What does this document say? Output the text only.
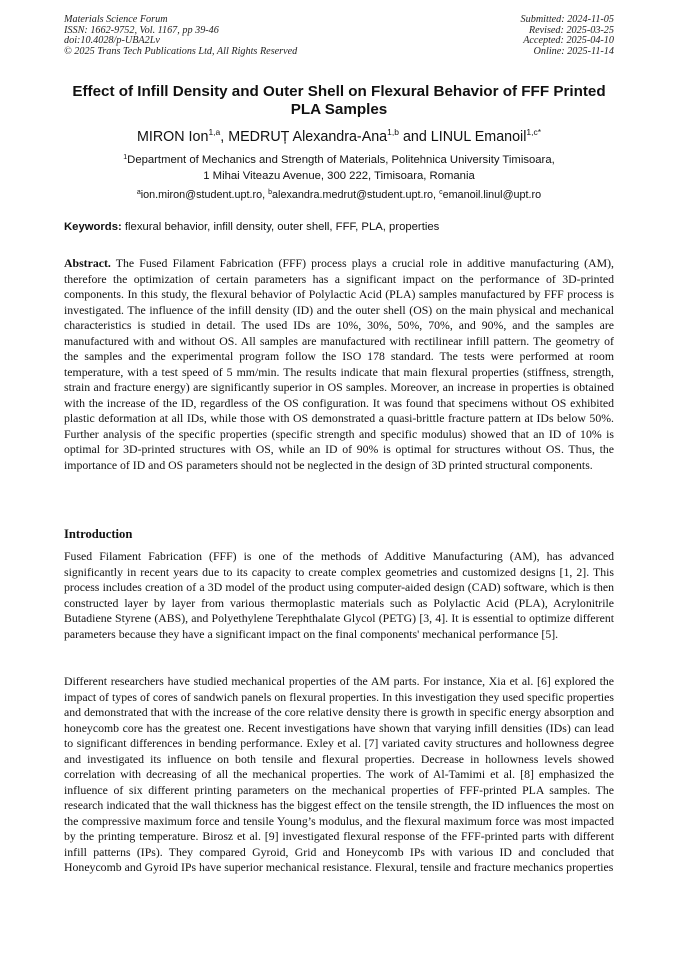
Materials Science Forum
ISSN: 1662-9752, Vol. 1167, pp 39-46
doi:10.4028/p-UBA2Lv
© 2025 Trans Tech Publications Ltd, All Rights Reserved
Submitted: 2024-11-05
Revised: 2025-03-25
Accepted: 2025-04-10
Online: 2025-11-14
Effect of Infill Density and Outer Shell on Flexural Behavior of FFF Printed PLA Samples
MIRON Ion$^{1,a}$, MEDRUȚ Alexandra-Ana$^{1,b}$ and LINUL Emanoil$^{1,c*}$
$^1$Department of Mechanics and Strength of Materials, Politehnica University Timisoara,
1 Mihai Viteazu Avenue, 300 222, Timisoara, Romania
$^a$ion.miron@student.upt.ro, $^b$alexandra.medrut@student.upt.ro, $^c$emanoil.linul@upt.ro
Keywords: flexural behavior, infill density, outer shell, FFF, PLA, properties
Abstract. The Fused Filament Fabrication (FFF) process plays a crucial role in additive manufacturing (AM), therefore the optimization of certain parameters has a significant impact on the performance of 3D-printed components. In this study, the flexural behavior of Polylactic Acid (PLA) samples manufactured by FFF process is investigated. The influence of the infill density (ID) and the outer shell (OS) on the main physical and mechanical characteristics is studied in detail. The used IDs are 10%, 30%, 50%, 70%, and 90%, and the samples are manufactured with and without OS. All samples are manufactured with rectilinear infill pattern. The geometry of the samples and the experimental program follow the ISO 178 standard. The tests were performed at room temperature, with a test speed of 5 mm/min. The results indicate that main flexural properties (stiffness, strength, strain and fracture energy) are significantly superior in OS samples. Moreover, an increase in properties is obtained with the increase of the ID, regardless of the OS configuration. It was found that specimens without OS exhibited plastic deformation at all IDs, while those with OS demonstrated a quasi-brittle fracture pattern at IDs below 50%. Further analysis of the specific properties (specific strength and specific modulus) showed that an ID of 10% is optimal for 3D-printed structures with OS, while an ID of 90% is optimal for structures without OS. Thus, the importance of ID and OS parameters should not be neglected in the design of 3D printed structural components.
Introduction

Fused Filament Fabrication (FFF) is one of the methods of Additive Manufacturing (AM), has advanced significantly in recent years due to its capacity to create complex geometries and customized designs [1, 2]. This process includes creation of a 3D model of the product using computer-aided design (CAD) software, which is then constructed layer by layer from various thermoplastic materials such as Polylactic Acid (PLA), Acrylonitrile Butadiene Styrene (ABS), and Polyethylene Terephthalate Glycol (PETG) [3, 4]. It is essential to optimize different parameters because they have a significant impact on the final components' mechanical performance [5].

Different researchers have studied mechanical properties of the AM parts. For instance, Xia et al. [6] explored the impact of types of cores of sandwich panels on flexural properties. In this investigation they used specific properties and demonstrated that with the increase of the core relative density there is growth in specific energy absorption and honeycomb core has the greatest one. Recent investigations have shown that varying infill densities (IDs) can lead to significant differences in bending performance. Exley et al. [7] variated cavity structures and hollowness degree and investigated its influence on both tensile and flexural properties. Decrease in hollowness levels showed correlation with decreasing of all the mechanical properties. The work of Al-Tamimi et al. [8] emphasized the influence of six different printing parameters on the mechanical properties of FFF-printed PLA samples. The research indicated that the wall thickness has the biggest effect on the tensile strength, the ID influences the most on the compressive maximum force and tensile Young’s modulus, and the flexural maximum force was most impacted by the printing temperature. Birosz et al. [9] investigated flexural response of the FFF-printed parts with different infill patterns (IPs). They compared Gyroid, Grid and Honeycomb IPs with various ID and concluded that Honeycomb and Gyroid IPs have superior mechanical resistance. Flexural, tensile and fracture mechanics properties
